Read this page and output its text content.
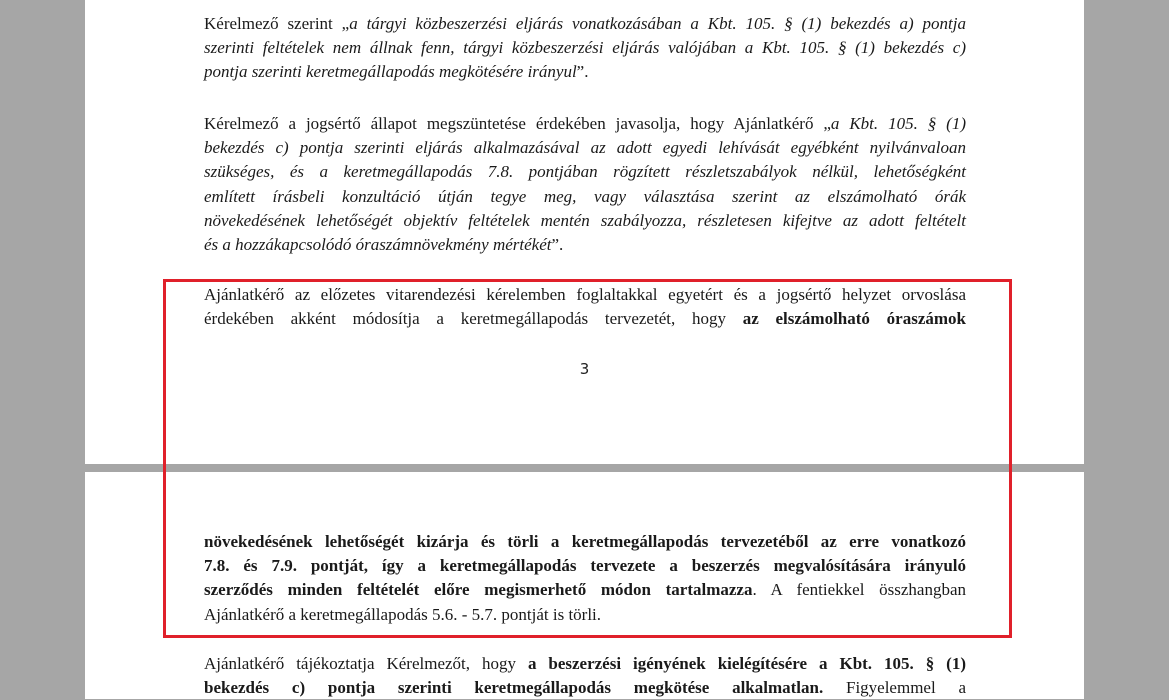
Kérelmező szerint „a tárgyi közbeszerzési eljárás vonatkozásában a Kbt. 105. § (1) bekezdés a) pontja
szerinti feltételek nem állnak fenn, tárgyi közbeszerzési eljárás valójában a Kbt. 105. § (1) bekezdés c)
pontja szerinti keretmegállapodás megkötésére irányul”.

Kérelmező a jogsértő állapot megszüntetése érdekében javasolja, hogy Ajánlatkérő „a Kbt. 105. § (1)
bekezdés c) pontja szerinti eljárás alkalmazásával az adott egyedi lehívását egyébként nyilvánvaloan
szükséges, és a keretmegállapodás 7.8. pontjában rögzített részletszabályok nélkül, lehetőségként
említett írásbeli konzultáció útján tegye meg, vagy választása szerint az elszámolható órák
növekedésének lehetőségét objektív feltételek mentén szabályozza, részletesen kifejtve az adott feltételt
és a hozzákapcsolódó óraszámnövekmény mértékét”.

Ajánlatkérő az előzetes vitarendezési kérelemben foglaltakkal egyetért és a jogsértő helyzet orvoslása
érdekében akként módosítja a keretmegállapodás tervezetét, hogy az elszámolható óraszámok

3

növekedésének lehetőségét kizárja és törli a keretmegállapodás tervezetéből az erre vonatkozó
7.8. és 7.9. pontját, így a keretmegállapodás tervezete a beszerzés megvalósítására irányuló
szerződés minden feltételét előre megismerhető módon tartalmazza. A fentiekkel összhangban
Ajánlatkérő a keretmegállapodás 5.6. - 5.7. pontját is törli.

Ajánlatkérő tájékoztatja Kérelmezőt, hogy a beszerzési igényének kielégítésére a Kbt. 105. § (1)
bekezdés c) pontja szerinti keretmegállapodás megkötése alkalmatlan. Figyelemmel a
